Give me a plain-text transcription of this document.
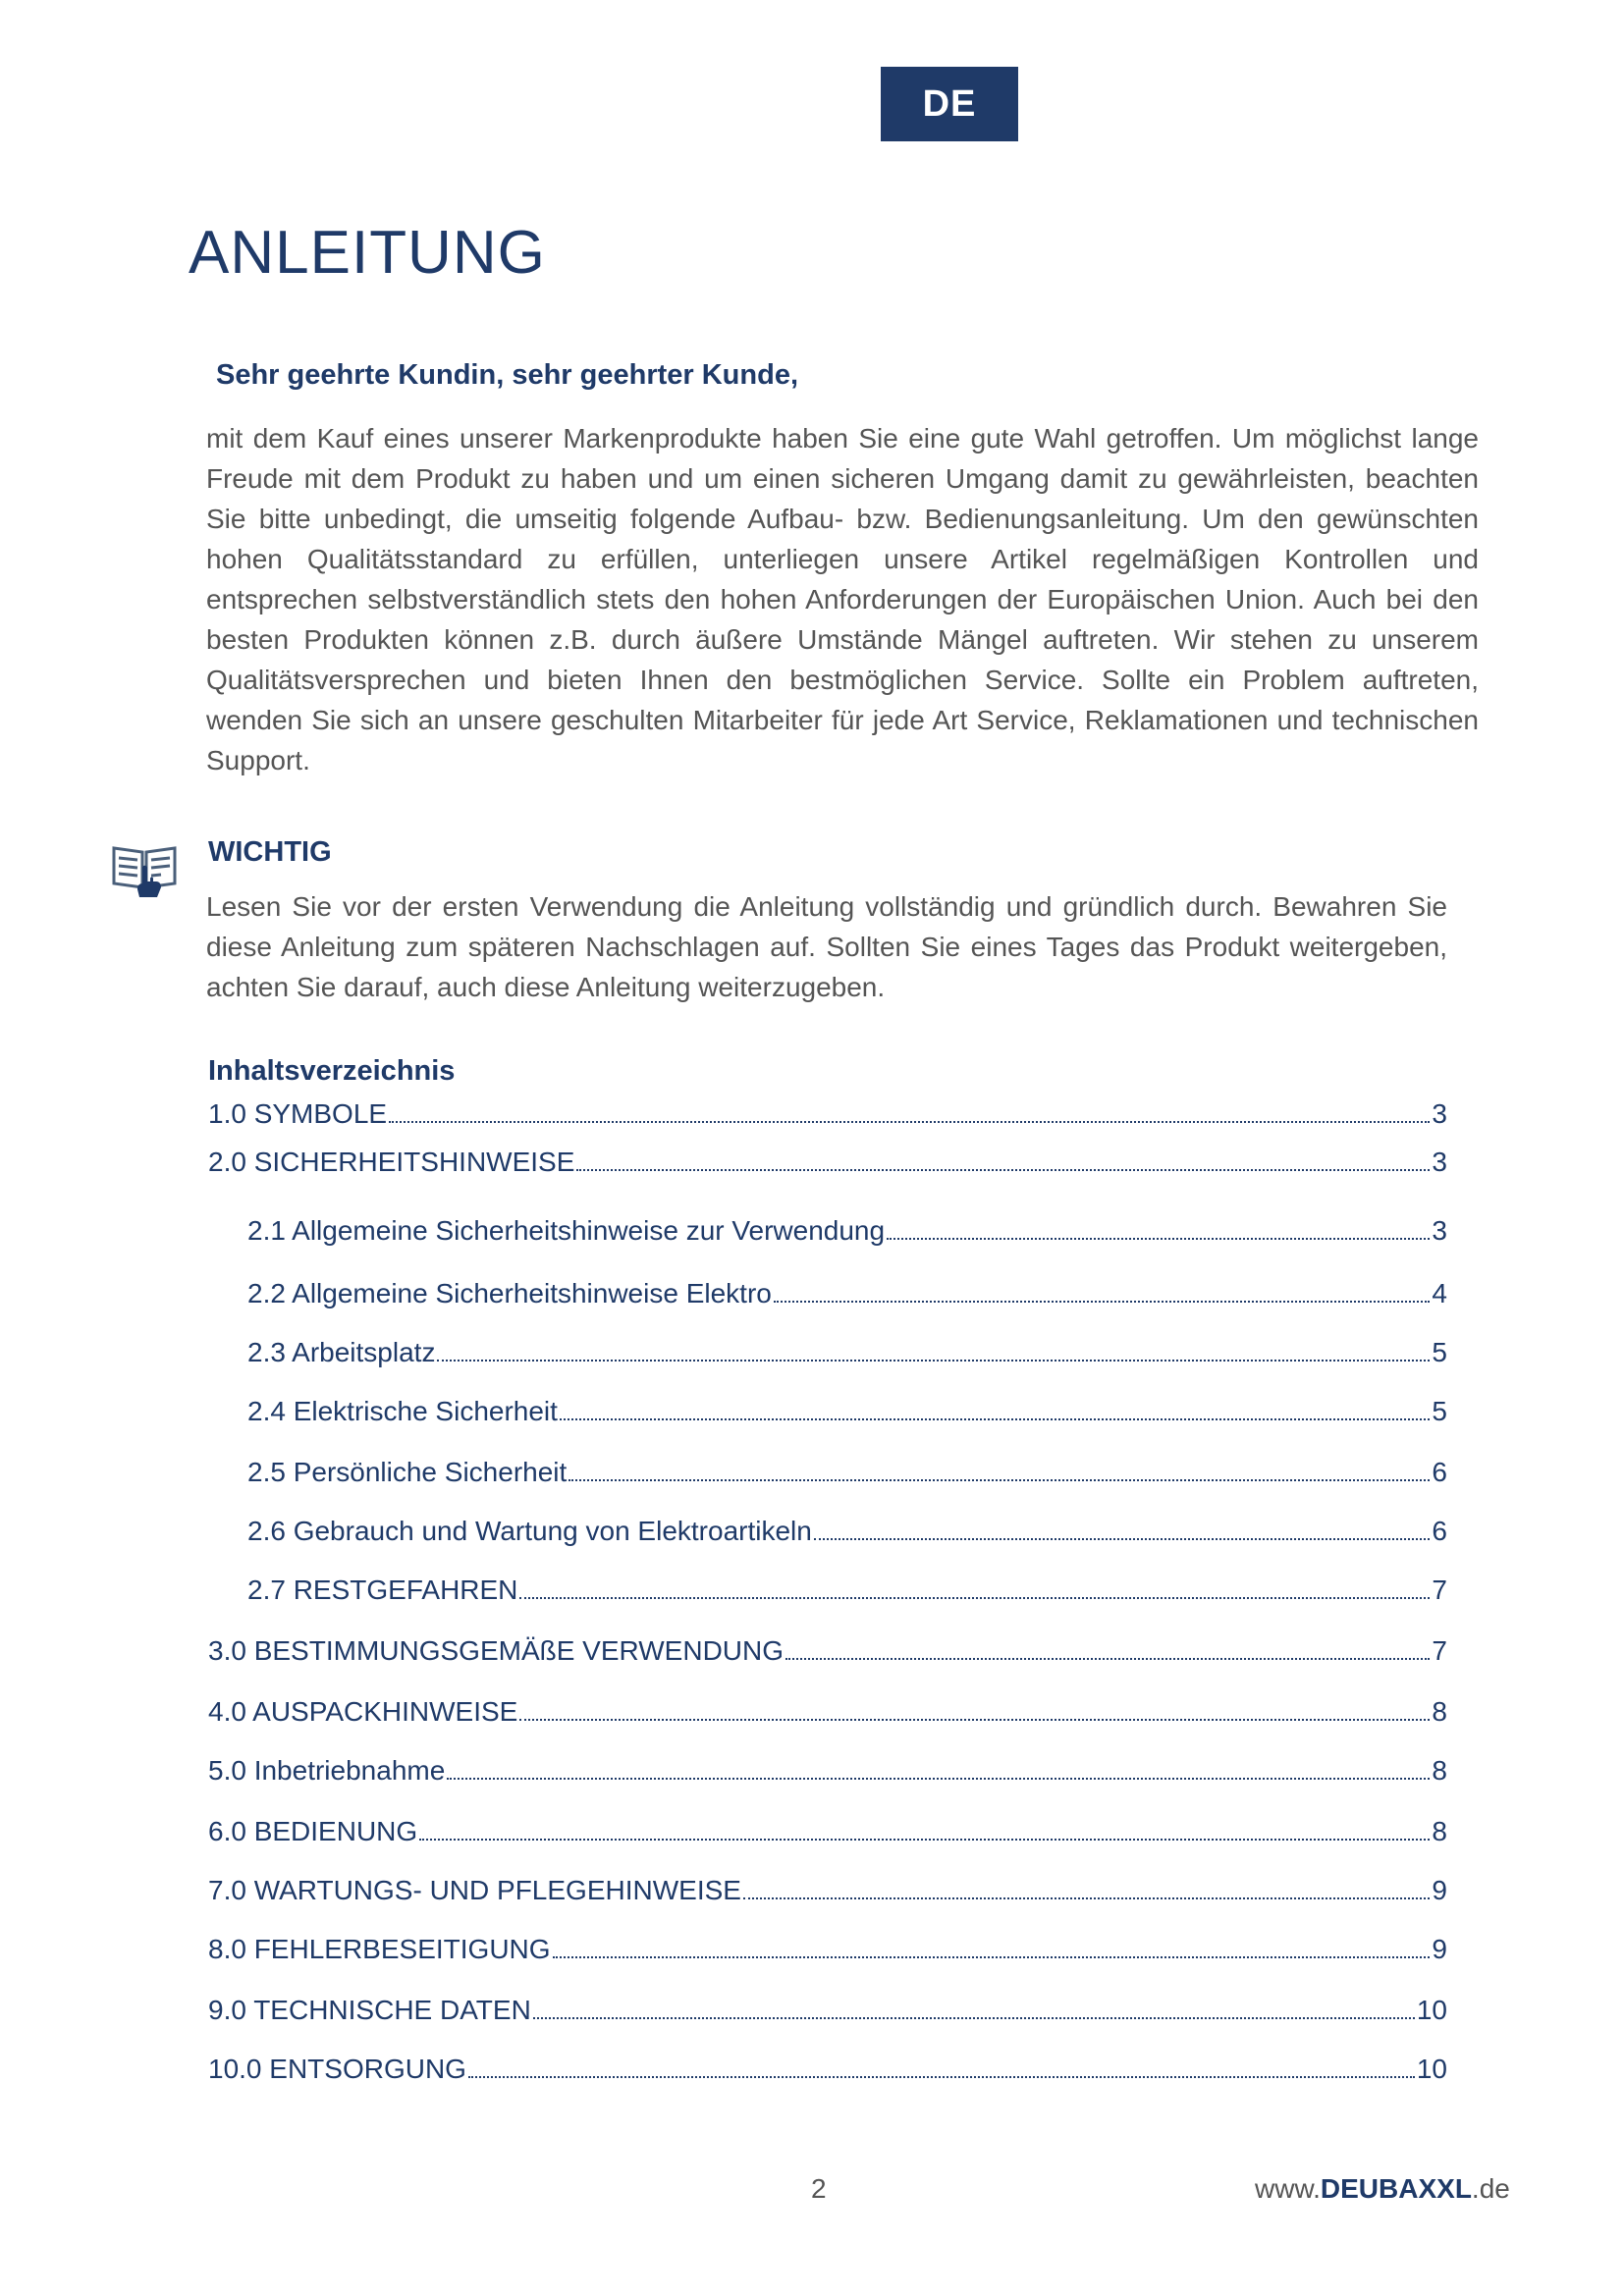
DE
ANLEITUNG

Sehr geehrte Kundin, sehr geehrter Kunde,

mit dem Kauf eines unserer Markenprodukte haben Sie eine gute Wahl getroffen. Um möglichst lange Freude mit dem Produkt zu haben und um einen sicheren Umgang damit zu gewährleisten, beachten Sie bitte unbedingt, die umseitig folgende Aufbau- bzw. Bedienungsanleitung. Um den gewünschten hohen Qualitätsstandard zu erfüllen, unterliegen unsere Artikel regelmäßigen Kontrollen und entsprechen selbstverständlich stets den hohen Anforderungen der Europäischen Union. Auch bei den besten Produkten können z.B. durch äußere Umstände Mängel auftreten. Wir stehen zu unserem Qualitätsversprechen und bieten Ihnen den bestmöglichen Service. Sollte ein Problem auftreten, wenden Sie sich an unsere geschulten Mitarbeiter für jede Art Service, Reklamationen und technischen Support.

WICHTIG

Lesen Sie vor der ersten Verwendung die Anleitung vollständig und gründlich durch. Bewahren Sie diese Anleitung zum späteren Nachschlagen auf. Sollten Sie eines Tages das Produkt weitergeben, achten Sie darauf, auch diese Anleitung weiterzugeben.

Inhaltsverzeichnis

1.0 SYMBOLE	3
2.0 SICHERHEITSHINWEISE	3
2.1 Allgemeine Sicherheitshinweise zur Verwendung	3
2.2 Allgemeine Sicherheitshinweise Elektro	4
2.3 Arbeitsplatz	5
2.4 Elektrische Sicherheit	5
2.5 Persönliche Sicherheit	6
2.6 Gebrauch und Wartung von Elektroartikeln	6
2.7 RESTGEFAHREN	7
3.0 BESTIMMUNGSGEMÄßE VERWENDUNG	7
4.0 AUSPACKHINWEISE	8
5.0 Inbetriebnahme	8
6.0 BEDIENUNG	8
7.0 WARTUNGS- UND PFLEGEHINWEISE	9
8.0 FEHLERBESEITIGUNG	9
9.0 TECHNISCHE DATEN	10
10.0 ENTSORGUNG	10
2	www.DEUBAXXL.de
